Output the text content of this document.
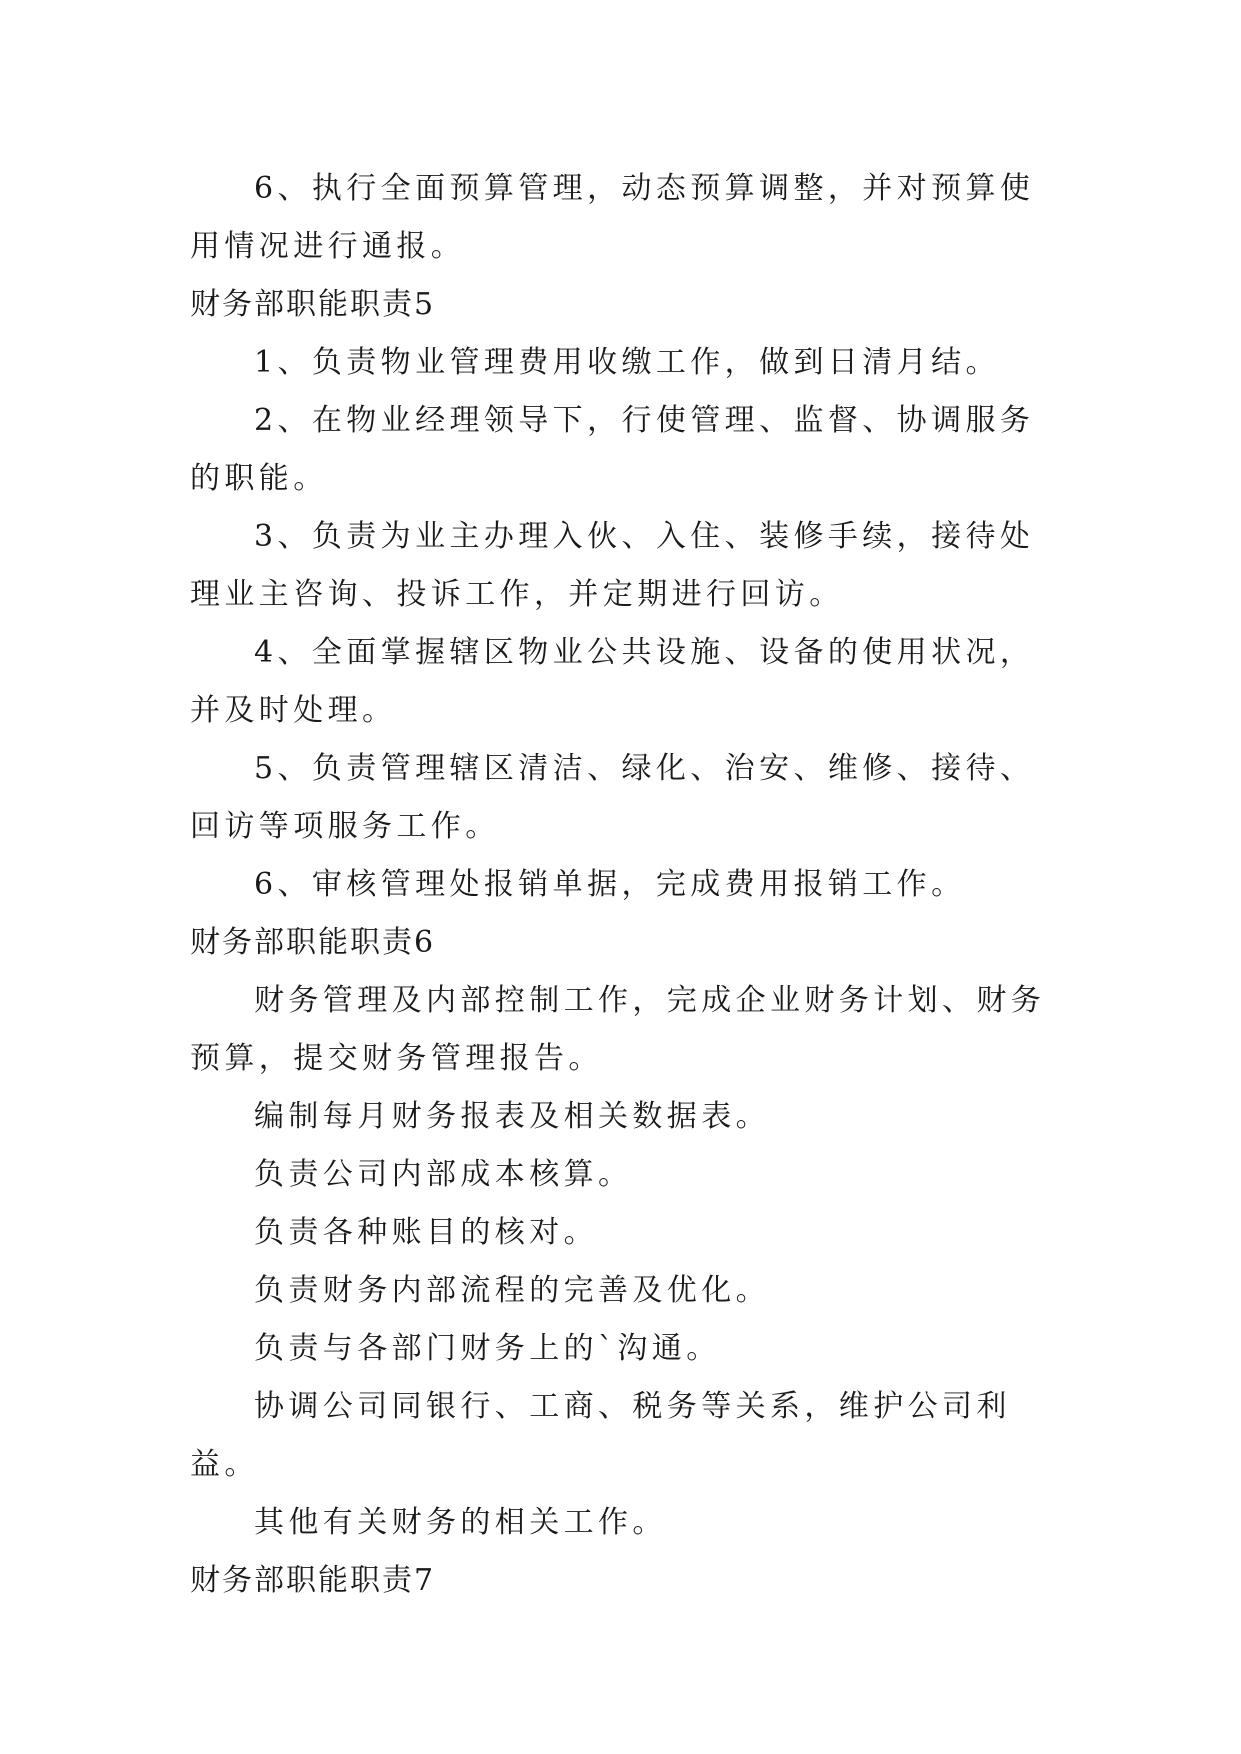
6、执行全面预算管理，动态预算调整，并对预算使用情况进行通报。

财务部职能职责5

1、负责物业管理费用收缴工作，做到日清月结。

2、在物业经理领导下，行使管理、监督、协调服务的职能。

3、负责为业主办理入伙、入住、装修手续，接待处理业主咨询、投诉工作，并定期进行回访。

4、全面掌握辖区物业公共设施、设备的使用状况，并及时处理。

5、负责管理辖区清洁、绿化、治安、维修、接待、回访等项服务工作。

6、审核管理处报销单据，完成费用报销工作。

财务部职能职责6

财务管理及内部控制工作，完成企业财务计划、财务预算，提交财务管理报告。

编制每月财务报表及相关数据表。

负责公司内部成本核算。

负责各种账目的核对。

负责财务内部流程的完善及优化。

负责与各部门财务上的`沟通。

协调公司同银行、工商、税务等关系，维护公司利益。

其他有关财务的相关工作。

财务部职能职责7
